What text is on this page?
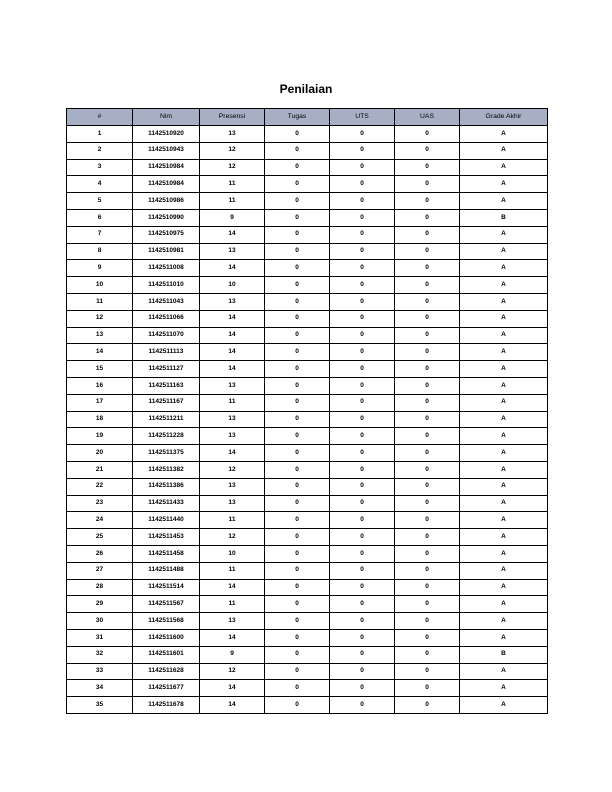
Penilaian
#	Nim	Presensi	Tugas	UTS	UAS	Grade Akhir
1	1142510920	13	0	0	0	A
2	1142510943	12	0	0	0	A
3	1142510984	12	0	0	0	A
4	1142510984	11	0	0	0	A
5	1142510986	11	0	0	0	A
6	1142510990	9	0	0	0	B
7	1142510975	14	0	0	0	A
8	1142510981	13	0	0	0	A
9	1142511008	14	0	0	0	A
10	1142511010	10	0	0	0	A
11	1142511043	13	0	0	0	A
12	1142511066	14	0	0	0	A
13	1142511070	14	0	0	0	A
14	1142511113	14	0	0	0	A
15	1142511127	14	0	0	0	A
16	1142511163	13	0	0	0	A
17	1142511167	11	0	0	0	A
18	1142511211	13	0	0	0	A
19	1142511228	13	0	0	0	A
20	1142511375	14	0	0	0	A
21	1142511382	12	0	0	0	A
22	1142511386	13	0	0	0	A
23	1142511433	13	0	0	0	A
24	1142511440	11	0	0	0	A
25	1142511453	12	0	0	0	A
26	1142511458	10	0	0	0	A
27	1142511488	11	0	0	0	A
28	1142511514	14	0	0	0	A
29	1142511567	11	0	0	0	A
30	1142511568	13	0	0	0	A
31	1142511600	14	0	0	0	A
32	1142511601	9	0	0	0	B
33	1142511628	12	0	0	0	A
34	1142511677	14	0	0	0	A
35	1142511678	14	0	0	0	A
